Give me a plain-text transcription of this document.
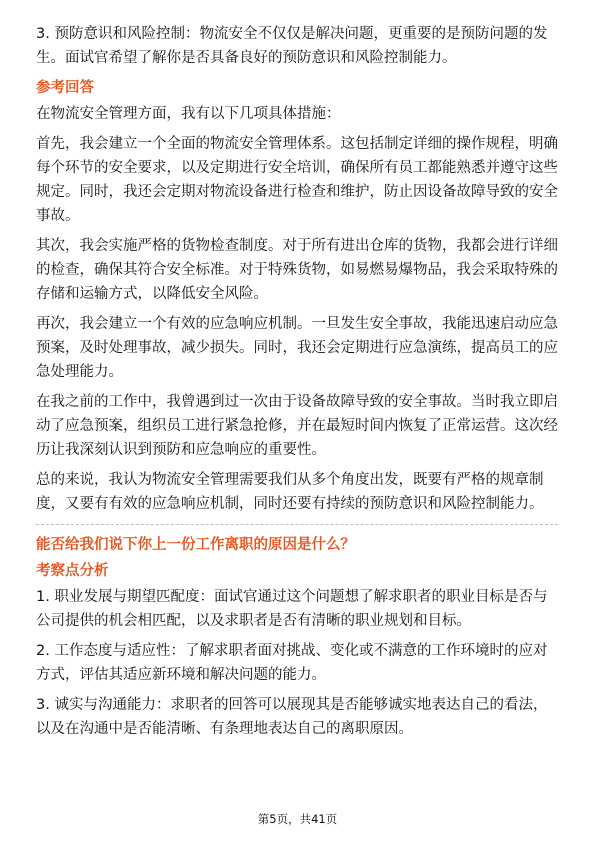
3. 预防意识和风险控制：物流安全不仅仅是解决问题，更重要的是预防问题的发生。面试官希望了解你是否具备良好的预防意识和风险控制能力。

参考回答

在物流安全管理方面，我有以下几项具体措施：

首先，我会建立一个全面的物流安全管理体系。这包括制定详细的操作规程，明确每个环节的安全要求，以及定期进行安全培训，确保所有员工都能熟悉并遵守这些规定。同时，我还会定期对物流设备进行检查和维护，防止因设备故障导致的安全事故。

其次，我会实施严格的货物检查制度。对于所有进出仓库的货物，我都会进行详细的检查，确保其符合安全标准。对于特殊货物，如易燃易爆物品，我会采取特殊的存储和运输方式，以降低安全风险。

再次，我会建立一个有效的应急响应机制。一旦发生安全事故，我能迅速启动应急预案，及时处理事故，减少损失。同时，我还会定期进行应急演练，提高员工的应急处理能力。

在我之前的工作中，我曾遇到过一次由于设备故障导致的安全事故。当时我立即启动了应急预案，组织员工进行紧急抢修，并在最短时间内恢复了正常运营。这次经历让我深刻认识到预防和应急响应的重要性。

总的来说，我认为物流安全管理需要我们从多个角度出发，既要有严格的规章制度，又要有有效的应急响应机制，同时还要有持续的预防意识和风险控制能力。

能否给我们说下你上一份工作离职的原因是什么？

考察点分析

1. 职业发展与期望匹配度：面试官通过这个问题想了解求职者的职业目标是否与公司提供的机会相匹配，以及求职者是否有清晰的职业规划和目标。

2. 工作态度与适应性：了解求职者面对挑战、变化或不满意的工作环境时的应对方式，评估其适应新环境和解决问题的能力。

3. 诚实与沟通能力：求职者的回答可以展现其是否能够诚实地表达自己的看法，以及在沟通中是否能清晰、有条理地表达自己的离职原因。

第5页，共41页
